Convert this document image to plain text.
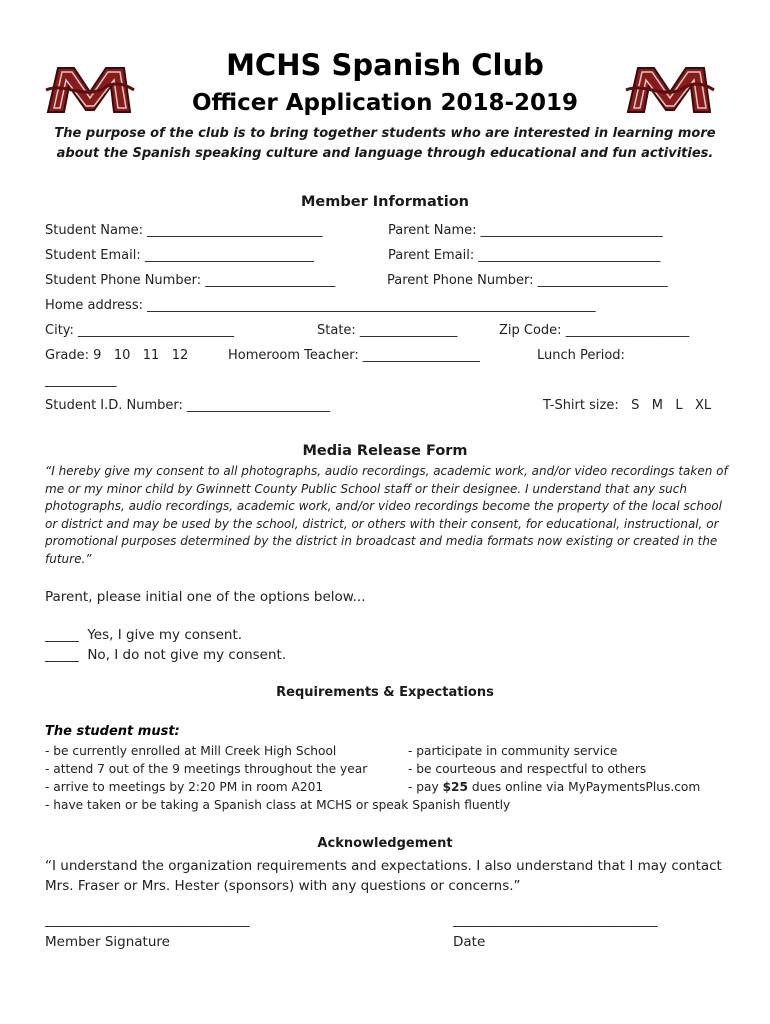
MCHS Spanish Club
Officer Application 2018-2019
The purpose of the club is to bring together students who are interested in learning more about the Spanish speaking culture and language through educational and fun activities.
Member Information
Student Name: ___________________________	Parent Name: ____________________________
Student Email: __________________________	Parent Email: ____________________________
Student Phone Number: ____________________	Parent Phone Number: ____________________
Home address: _____________________________________________________________________
City: ________________________	State: _______________	Zip Code: ___________________
Grade: 9   10   11   12	Homeroom Teacher: __________________	Lunch Period:
___________
Student I.D. Number: ______________________	T-Shirt size:   S   M   L   XL
Media Release Form
“I hereby give my consent to all photographs, audio recordings, academic work, and/or video recordings taken of me or my minor child by Gwinnett County Public School staff or their designee. I understand that any such photographs, audio recordings, academic work, and/or video recordings become the property of the local school or district and may be used by the school, district, or others with their consent, for educational, instructional, or promotional purposes determined by the district in broadcast and media formats now existing or created in the future.”
Parent, please initial one of the options below...
_____  Yes, I give my consent.
_____  No, I do not give my consent.
Requirements & Expectations
The student must:
- be currently enrolled at Mill Creek High School
- attend 7 out of the 9 meetings throughout the year
- arrive to meetings by 2:20 PM in room A201
- have taken or be taking a Spanish class at MCHS or speak Spanish fluently
- participate in community service
- be courteous and respectful to others
- pay $25 dues online via MyPaymentsPlus.com
Acknowledgement
“I understand the organization requirements and expectations. I also understand that I may contact Mrs. Fraser or Mrs. Hester (sponsors) with any questions or concerns.”
__________________________________
Member Signature
__________________________________
Date
